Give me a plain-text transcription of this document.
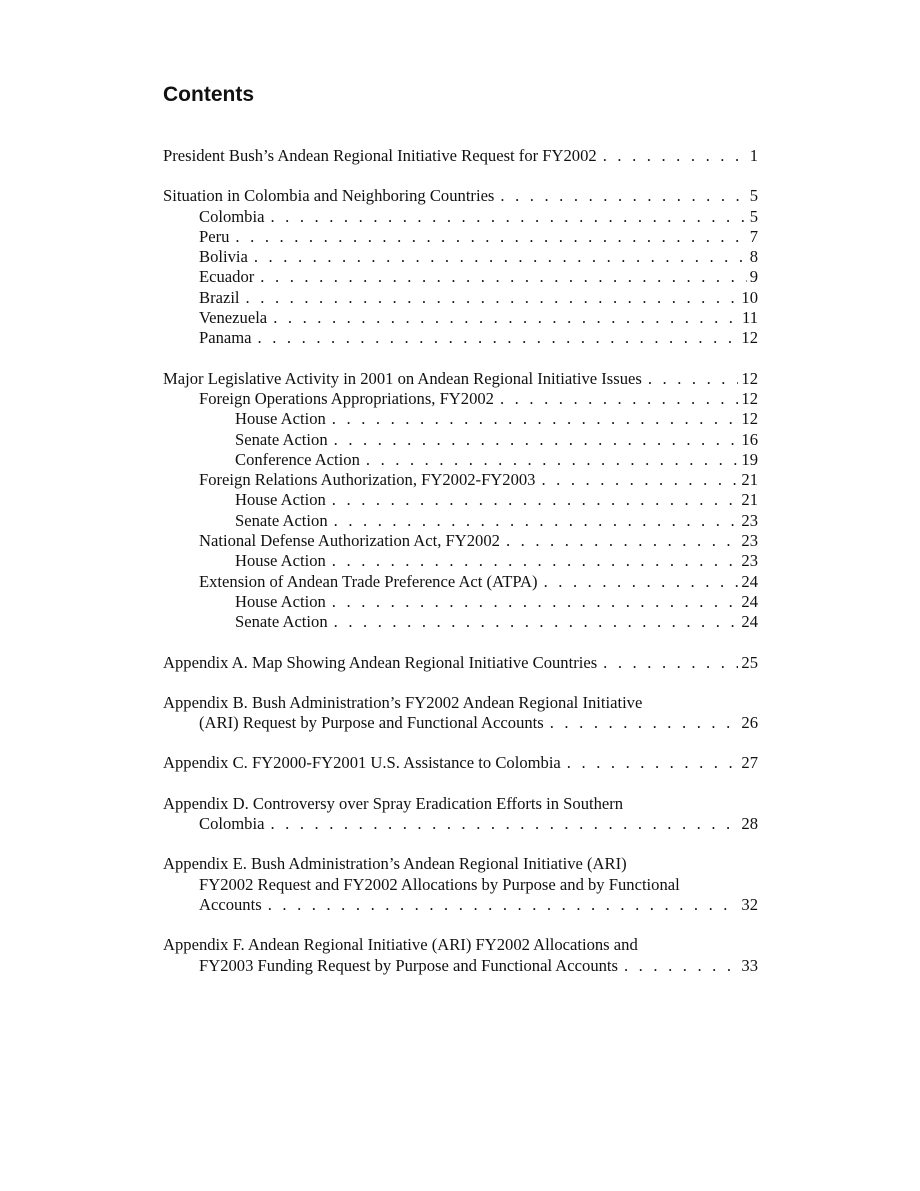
Contents
President Bush’s Andean Regional Initiative Request for FY2002 . . .	1
Situation in Colombia and Neighboring Countries . . .	5
Colombia . . .	5
Peru . . .	7
Bolivia . . .	8
Ecuador . . .	9
Brazil . . .	10
Venezuela . . .	11
Panama . . .	12
Major Legislative Activity in 2001 on Andean Regional Initiative Issues . . .	12
Foreign Operations Appropriations, FY2002 . . .	12
House Action . . .	12
Senate Action . . .	16
Conference Action . . .	19
Foreign Relations Authorization, FY2002-FY2003 . . .	21
House Action . . .	21
Senate Action . . .	23
National Defense Authorization Act, FY2002 . . .	23
House Action . . .	23
Extension of Andean Trade Preference Act (ATPA) . . .	24
House Action . . .	24
Senate Action . . .	24
Appendix A. Map Showing Andean Regional Initiative Countries . . .	25
Appendix B. Bush Administration’s FY2002 Andean Regional Initiative
(ARI) Request by Purpose and Functional Accounts . . .	26
Appendix C. FY2000-FY2001 U.S. Assistance to Colombia . . .	27
Appendix D. Controversy over Spray Eradication Efforts in Southern
Colombia . . .	28
Appendix E. Bush Administration’s Andean Regional Initiative (ARI)
FY2002 Request and FY2002 Allocations by Purpose and by Functional
Accounts . . .	32
Appendix F. Andean Regional Initiative (ARI) FY2002 Allocations and
FY2003 Funding Request by Purpose and Functional Accounts . . .	33
